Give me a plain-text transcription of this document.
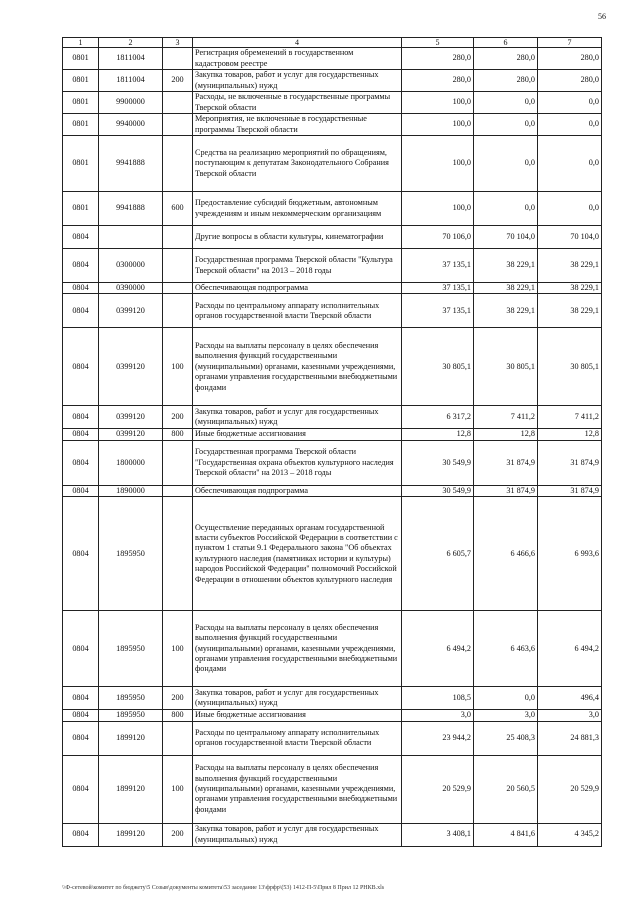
56
1	2	3	4	5	6	7
0801	1811004		Регистрация обременений в государственном кадастровом реестре	280,0	280,0	280,0
0801	1811004	200	Закупка товаров, работ и услуг для государственных (муниципальных) нужд	280,0	280,0	280,0
0801	9900000		Расходы, не включенные в государственные программы Тверской области	100,0	0,0	0,0
0801	9940000		Мероприятия, не включенные в государственные программы Тверской области	100,0	0,0	0,0
0801	9941888		Средства на реализацию мероприятий по обращениям, поступающим к депутатам Законодательного Собрания Тверской области	100,0	0,0	0,0
0801	9941888	600	Предоставление субсидий бюджетным, автономным учреждениям и иным некоммерческим организациям	100,0	0,0	0,0
0804			Другие вопросы в области культуры, кинематографии	70 106,0	70 104,0	70 104,0
0804	0300000		Государственная программа Тверской области "Культура Тверской области" на 2013 – 2018 годы	37 135,1	38 229,1	38 229,1
0804	0390000		Обеспечивающая подпрограмма	37 135,1	38 229,1	38 229,1
0804	0399120		Расходы по центральному аппарату исполнительных органов государственной власти Тверской области	37 135,1	38 229,1	38 229,1
0804	0399120	100	Расходы на выплаты персоналу в целях обеспечения выполнения функций государственными (муниципальными) органами, казенными учреждениями, органами управления государственными внебюджетными фондами	30 805,1	30 805,1	30 805,1
0804	0399120	200	Закупка товаров, работ и услуг для государственных (муниципальных) нужд	6 317,2	7 411,2	7 411,2
0804	0399120	800	Иные бюджетные ассигнования	12,8	12,8	12,8
0804	1800000		Государственная программа Тверской области "Государственная охрана объектов культурного наследия Тверской области" на 2013 – 2018 годы	30 549,9	31 874,9	31 874,9
0804	1890000		Обеспечивающая подпрограмма	30 549,9	31 874,9	31 874,9
0804	1895950		Осуществление переданных органам государственной власти субъектов Российской Федерации в соответствии с пунктом 1 статьи 9.1 Федерального закона "Об объектах культурного наследия (памятниках истории и культуры) народов Российской Федерации" полномочий Российской Федерации в отношении объектов культурного наследия	6 605,7	6 466,6	6 993,6
0804	1895950	100	Расходы на выплаты персоналу в целях обеспечения выполнения функций государственными (муниципальными) органами, казенными учреждениями, органами управления государственными внебюджетными фондами	6 494,2	6 463,6	6 494,2
0804	1895950	200	Закупка товаров, работ и услуг для государственных (муниципальных) нужд	108,5	0,0	496,4
0804	1895950	800	Иные бюджетные ассигнования	3,0	3,0	3,0
0804	1899120		Расходы по центральному аппарату исполнительных органов государственной власти Тверской области	23 944,2	25 408,3	24 881,3
0804	1899120	100	Расходы на выплаты персоналу в целях обеспечения выполнения функций государственными (муниципальными) органами, казенными учреждениями, органами управления государственными внебюджетными фондами	20 529,9	20 560,5	20 529,9
0804	1899120	200	Закупка товаров, работ и услуг для государственных (муниципальных) нужд	3 408,1	4 841,6	4 345,2
\\Ф-сетевой\комитет по бюджету\5 Созыв\документы комитета\53 заседание 13\фрфр\(53) 1412-П-5\Прил 8 Прил 12 РНКВ.xls
